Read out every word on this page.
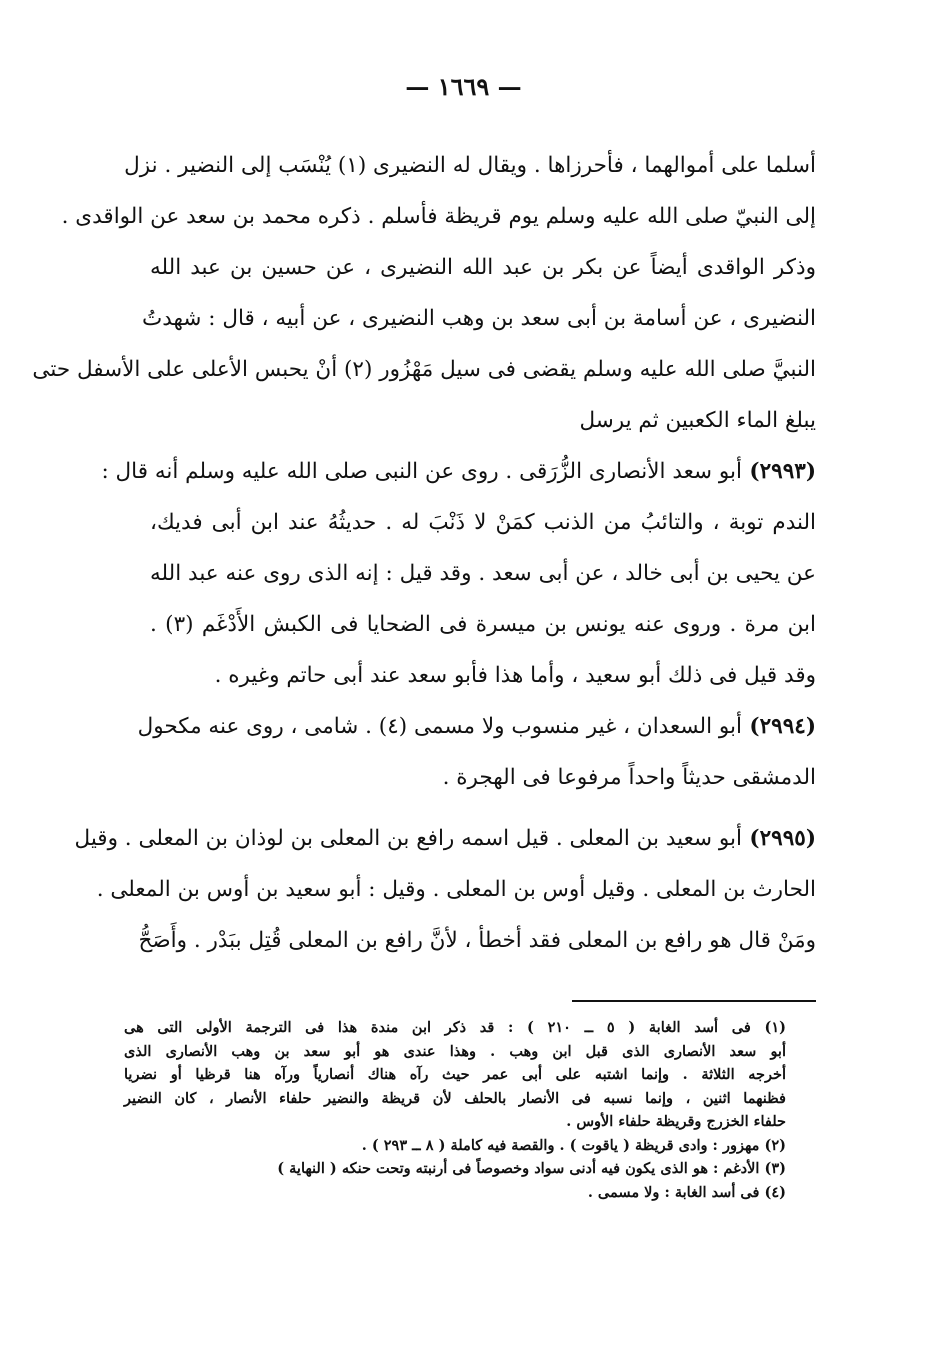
— ١٦٦٩ —
أسلما على أموالهما ، فأحرزاها . ويقال له النضيرى (١) يُنْسَب إلى النضير . نزل
إلى النبيّ صلى الله عليه وسلم يوم قريظة فأسلم . ذكره محمد بن سعد عن الواقدى .
وذكر الواقدى أيضاً عن بكر بن عبد الله النضيرى ، عن حسين بن عبد الله
النضيرى ، عن أسامة بن أبى سعد بن وهب النضيرى ، عن أبيه ، قال : شهدتُ
النبيَّ صلى الله عليه وسلم يقضى فى سيل مَهْزُور (٢) أنْ يحبس الأعلى على الأسفل حتى
يبلغ الماء الكعبين ثم يرسل
(٢٩٩٣) أبو سعد الأنصارى الزُّرَقى . روى عن النبى صلى الله عليه وسلم أنه قال :
الندم توبة ، والتائبُ من الذنب كمَنْ لا ذَنْبَ له . حديثُهُ عند ابن أبى فديك،
عن يحيى بن أبى خالد ، عن أبى سعد . وقد قيل : إنه الذى روى عنه عبد الله
ابن مرة . وروى عنه يونس بن ميسرة فى الضحايا فى الكبش الأَدْغَم (٣) .
وقد قيل فى ذلك أبو سعيد ، وأما هذا فأبو سعد عند أبى حاتم وغيره .
(٢٩٩٤) أبو السعدان ، غير منسوب ولا مسمى (٤) . شامى ، روى عنه مكحول
الدمشقى حديثاً واحداً مرفوعا فى الهجرة .
(٢٩٩٥) أبو سعيد بن المعلى . قيل اسمه رافع بن المعلى بن لوذان بن المعلى . وقيل
الحارث بن المعلى . وقيل أوس بن المعلى . وقيل : أبو سعيد بن أوس بن المعلى .
ومَنْ قال هو رافع بن المعلى فقد أخطأ ، لأنَّ رافع بن المعلى قُتِل ببَدْر . وأَصَحُّ
(١) فى أسد الغابة ( ٥ ــ ٢١٠ ) : قد ذكر ابن مندة هذا فى الترجمة الأولى التى هى
أبو سعد الأنصارى الذى قبل ابن وهب . وهذا عندى هو أبو سعد بن وهب الأنصارى الذى
أخرجه الثلاثة . وإنما اشتبه على أبى عمر حيث رآه هناك أنصارياً ورآه هنا قرظيا أو نضريا
فظنهما اثنين ، وإنما نسبه فى الأنصار بالحلف لأن قريظة والنضير حلفاء الأنصار ، كان النضير
حلفاء الخزرج وقريظة حلفاء الأوس .
(٢) مهزور : وادى قريظة ( ياقوت ) . والقصة فيه كاملة ( ٨ ــ ٢٩٣ ) .
(٣) الأدغم : هو الذى يكون فيه أدنى سواد وخصوصاً فى أرنبته وتحت حنكه ( النهاية )
(٤) فى أسد الغابة : ولا مسمى .
